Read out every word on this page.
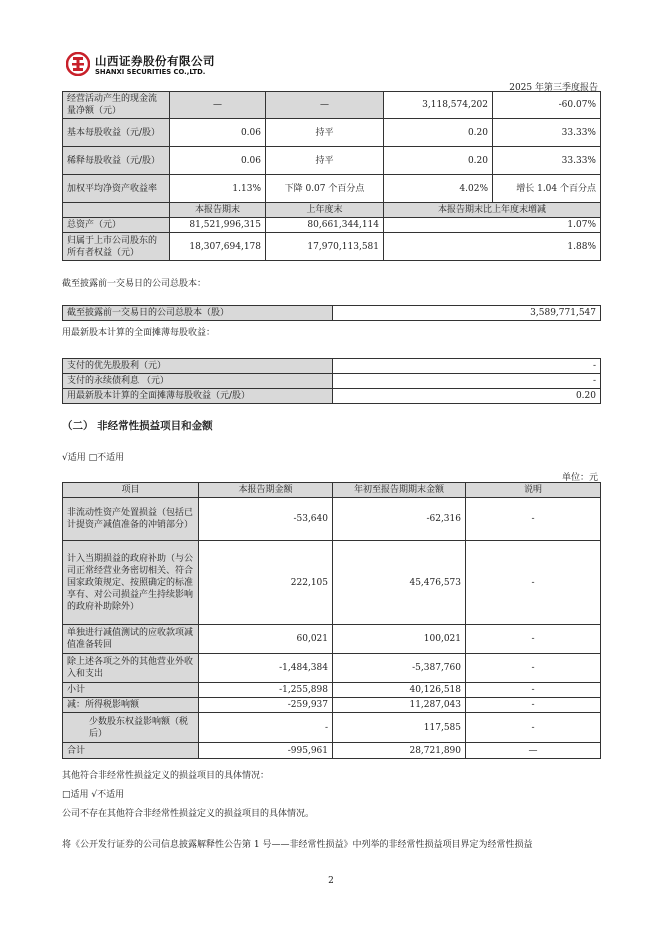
山西证券股份有限公司
SHANXI SECURITIES CO.,LTD.
2025 年第三季度报告
经营活动产生的现金流量净额（元）	—	—	3,118,574,202	-60.07%
基本每股收益（元/股）	0.06	持平	0.20	33.33%
稀释每股收益（元/股）	0.06	持平	0.20	33.33%
加权平均净资产收益率	1.13%	下降 0.07 个百分点	4.02%	增长 1.04 个百分点
	本报告期末	上年度末	本报告期末比上年度末增减	
总资产（元）	81,521,996,315	80,661,344,114	1.07%	
归属于上市公司股东的所有者权益（元）	18,307,694,178	17,970,113,581	1.88%	
截至披露前一交易日的公司总股本：
截至披露前一交易日的公司总股本（股）	3,589,771,547
用最新股本计算的全面摊薄每股收益：
支付的优先股股利（元）	-
支付的永续债利息 （元）	-
用最新股本计算的全面摊薄每股收益（元/股）	0.20
（二） 非经常性损益项目和金额
√适用 □不适用
单位：元
项目	本报告期金额	年初至报告期期末金额	说明
非流动性资产处置损益（包括已计提资产减值准备的冲销部分）	-53,640	-62,316	-
计入当期损益的政府补助（与公司正常经营业务密切相关、符合国家政策规定、按照确定的标准享有、对公司损益产生持续影响的政府补助除外）	222,105	45,476,573	-
单独进行减值测试的应收款项减值准备转回	60,021	100,021	-
除上述各项之外的其他营业外收入和支出	-1,484,384	-5,387,760	-
小计	-1,255,898	40,126,518	-
减：所得税影响额	-259,937	11,287,043	-
少数股东权益影响额（税后）	-	117,585	-
合计	-995,961	28,721,890	—
其他符合非经常性损益定义的损益项目的具体情况：
□适用 √不适用
公司不存在其他符合非经常性损益定义的损益项目的具体情况。
将《公开发行证券的公司信息披露解释性公告第 1 号——非经常性损益》中列举的非经常性损益项目界定为经常性损益
2
